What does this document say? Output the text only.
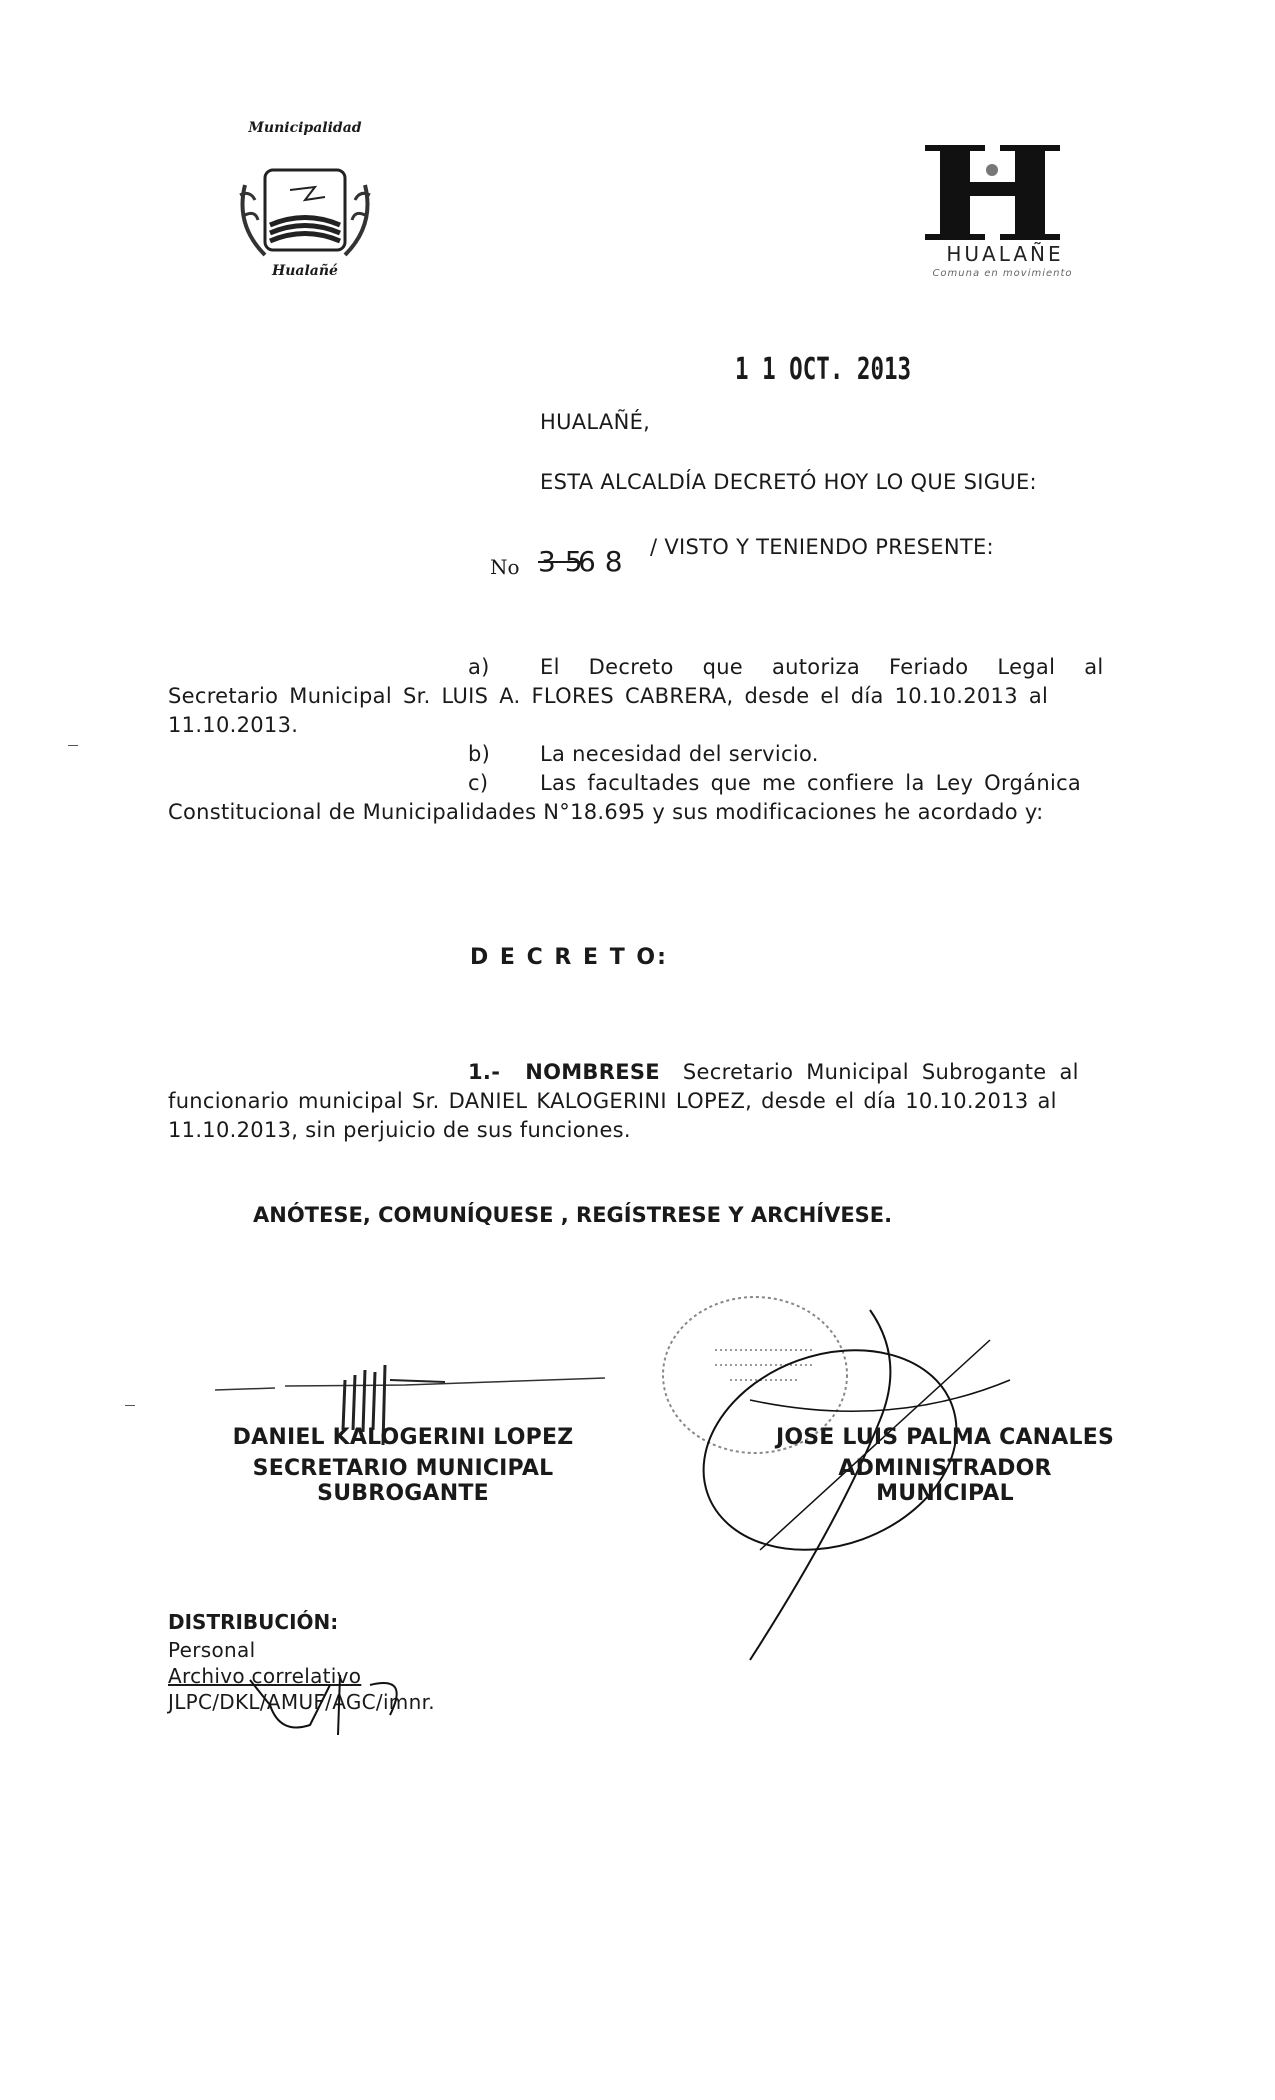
Municipalidad
Hualañé
HUALAÑE
Comuna en movimiento
1 1 OCT. 2013
HUALAÑÉ,
ESTA ALCALDÍA DECRETÓ HOY LO QUE SIGUE:
No 3 5
6 8 / VISTO Y TENIENDO PRESENTE:
a) El Decreto que autoriza Feriado Legal al
Secretario Municipal Sr. LUIS A. FLORES CABRERA, desde el día 10.10.2013 al
11.10.2013.
b) La necesidad del servicio.
c) Las facultades que me confiere la Ley Orgánica
Constitucional de Municipalidades N°18.695 y sus modificaciones he acordado y:
D E C R E T O:
1.- NOMBRESE Secretario Municipal Subrogante al
funcionario municipal Sr. DANIEL KALOGERINI LOPEZ, desde el día 10.10.2013 al
11.10.2013, sin perjuicio de sus funciones.
ANÓTESE, COMUNÍQUESE , REGÍSTRESE Y ARCHÍVESE.
DANIEL KALOGERINI LOPEZ
SECRETARIO MUNICIPAL SUBROGANTE
JOSE LUIS PALMA CANALES
ADMINISTRADOR MUNICIPAL
DISTRIBUCIÓN:
Personal
Archivo correlativo
JLPC/DKL/AMUF/AGC/imnr.
